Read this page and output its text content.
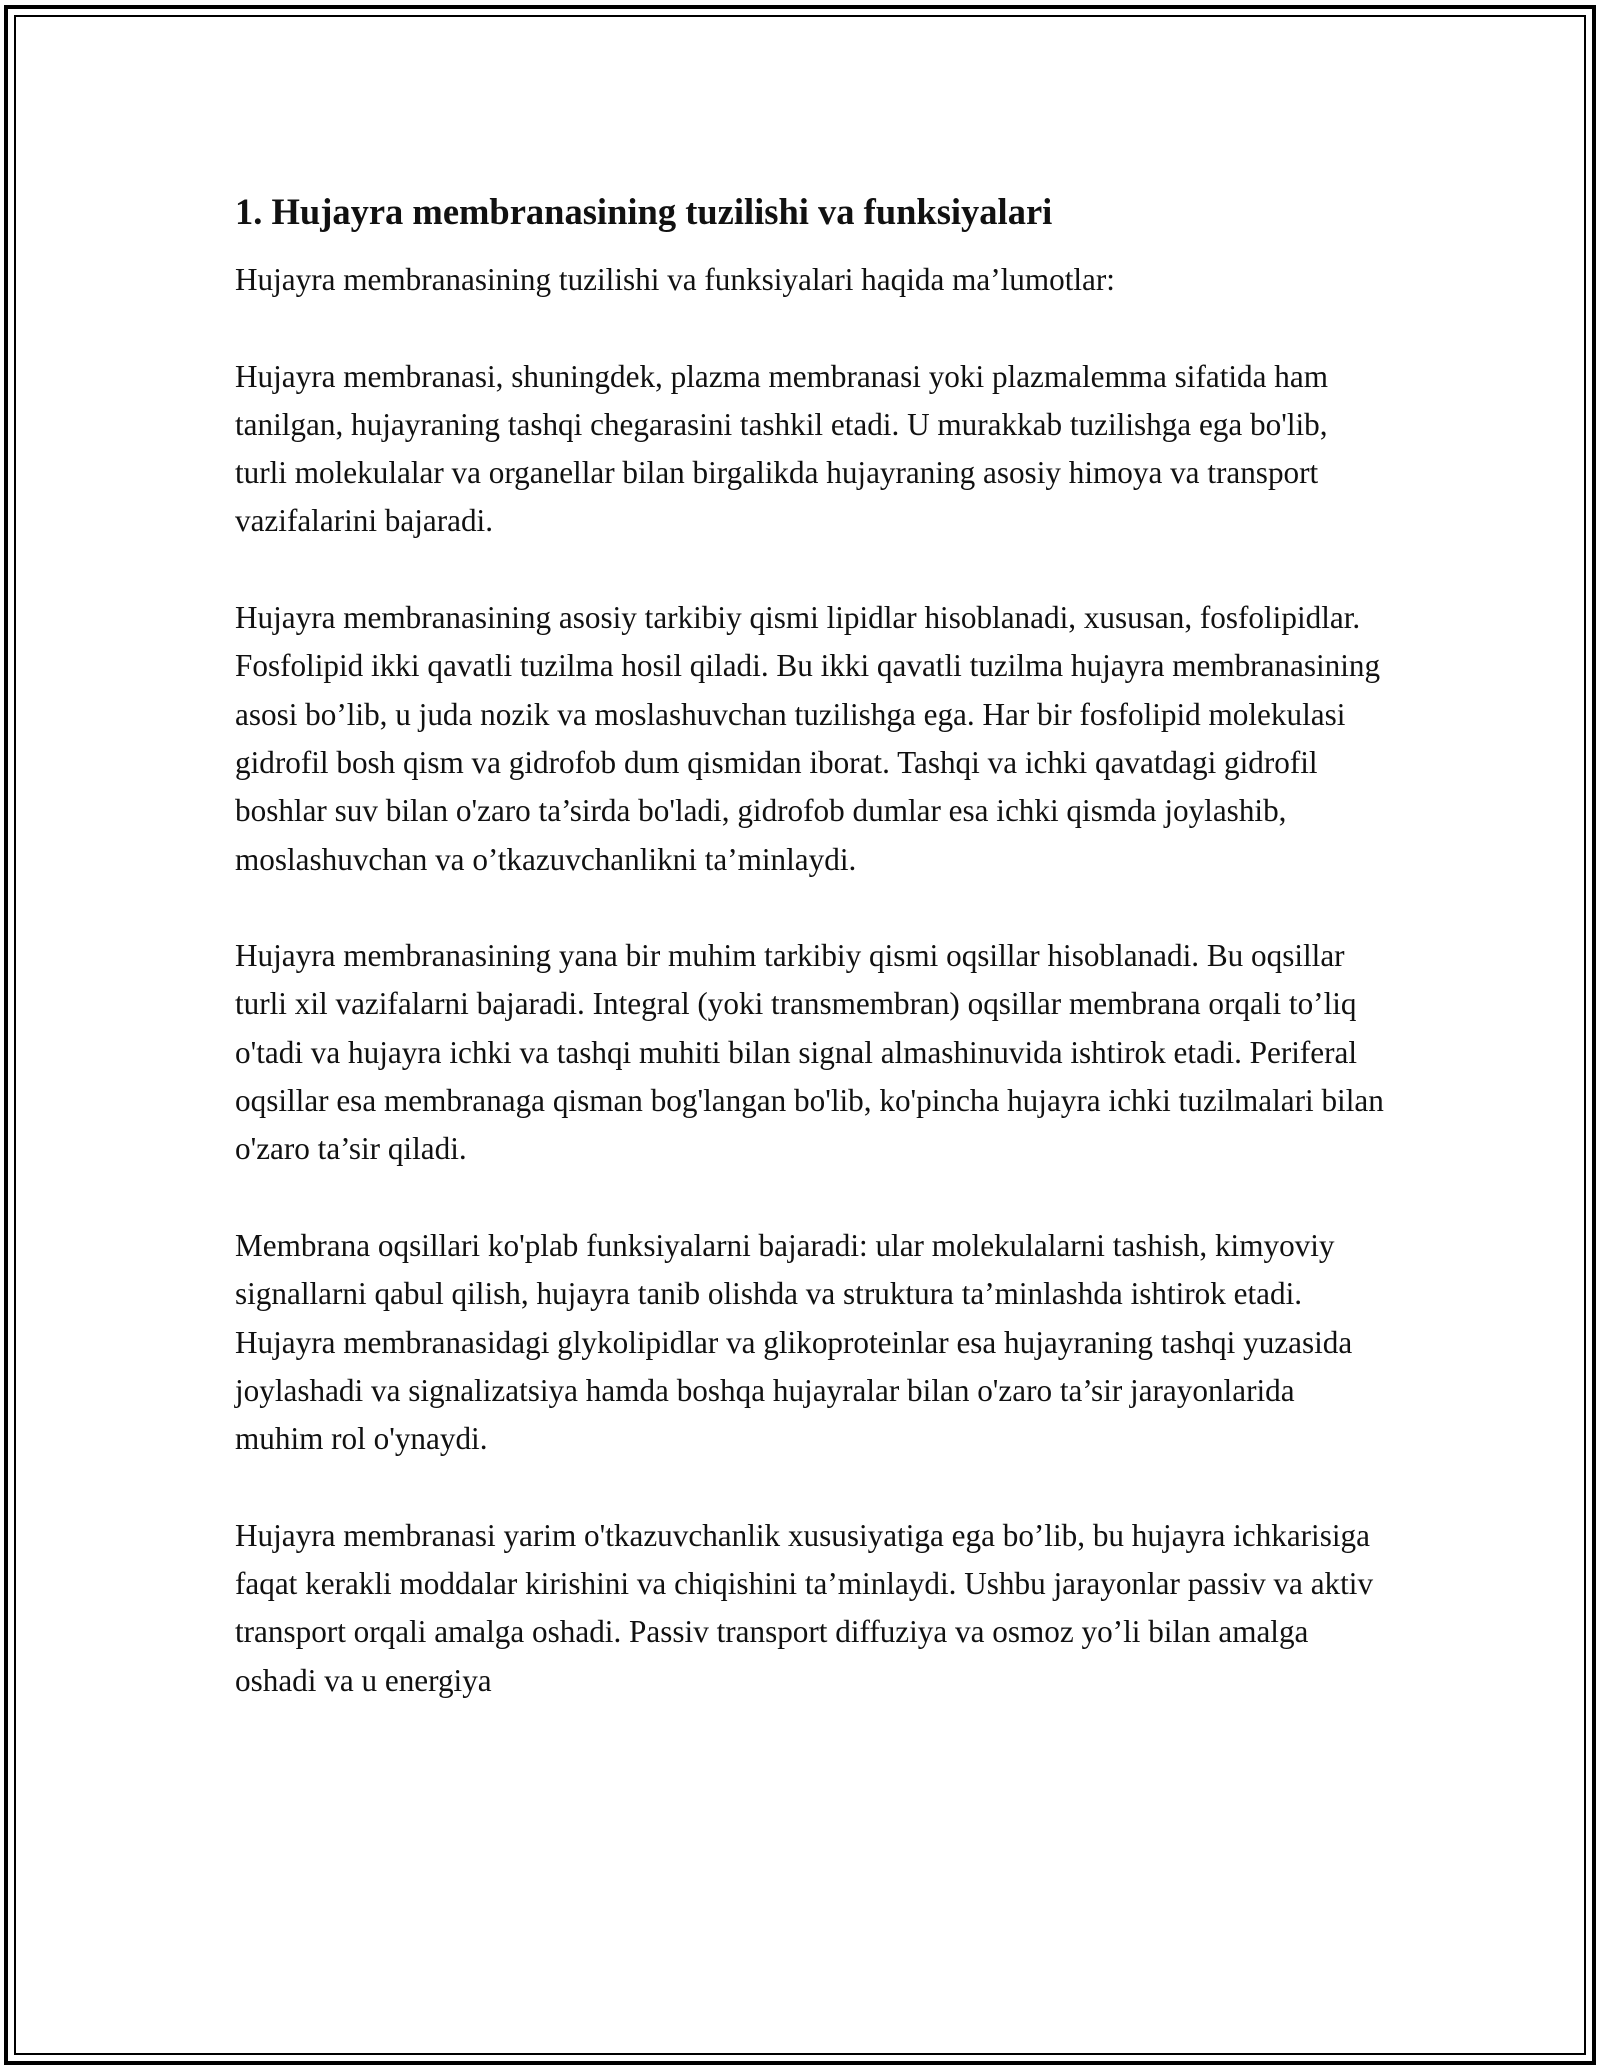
1. Hujayra membranasining tuzilishi va funksiyalari

Hujayra membranasining tuzilishi va funksiyalari haqida ma’lumotlar:

Hujayra membranasi, shuningdek, plazma membranasi yoki plazmalemma sifatida ham tanilgan, hujayraning tashqi chegarasini tashkil etadi. U murakkab tuzilishga ega bo'lib, turli molekulalar va organellar bilan birgalikda hujayraning asosiy himoya va transport vazifalarini bajaradi.

Hujayra membranasining asosiy tarkibiy qismi lipidlar hisoblanadi, xususan, fosfolipidlar. Fosfolipid ikki qavatli tuzilma hosil qiladi. Bu ikki qavatli tuzilma hujayra membranasining asosi bo’lib, u juda nozik va moslashuvchan tuzilishga ega. Har bir fosfolipid molekulasi gidrofil bosh qism va gidrofob dum qismidan iborat. Tashqi va ichki qavatdagi gidrofil boshlar suv bilan o'zaro ta’sirda bo'ladi, gidrofob dumlar esa ichki qismda joylashib, moslashuvchan va o’tkazuvchanlikni ta’minlaydi.

Hujayra membranasining yana bir muhim tarkibiy qismi oqsillar hisoblanadi. Bu oqsillar turli xil vazifalarni bajaradi. Integral (yoki transmembran) oqsillar membrana orqali to’liq o'tadi va hujayra ichki va tashqi muhiti bilan signal almashinuvida ishtirok etadi. Periferal oqsillar esa membranaga qisman bog'langan bo'lib, ko'pincha hujayra ichki tuzilmalari bilan o'zaro ta’sir qiladi.

Membrana oqsillari ko'plab funksiyalarni bajaradi: ular molekulalarni tashish, kimyoviy signallarni qabul qilish, hujayra tanib olishda va struktura ta’minlashda ishtirok etadi. Hujayra membranasidagi glykolipidlar va glikoproteinlar esa hujayraning tashqi yuzasida joylashadi va signalizatsiya hamda boshqa hujayralar bilan o'zaro ta’sir jarayonlarida muhim rol o'ynaydi.

Hujayra membranasi yarim o'tkazuvchanlik xususiyatiga ega bo’lib, bu hujayra ichkarisiga faqat kerakli moddalar kirishini va chiqishini ta’minlaydi. Ushbu jarayonlar passiv va aktiv transport orqali amalga oshadi. Passiv transport diffuziya va osmoz yo’li bilan amalga oshadi va u energiya
